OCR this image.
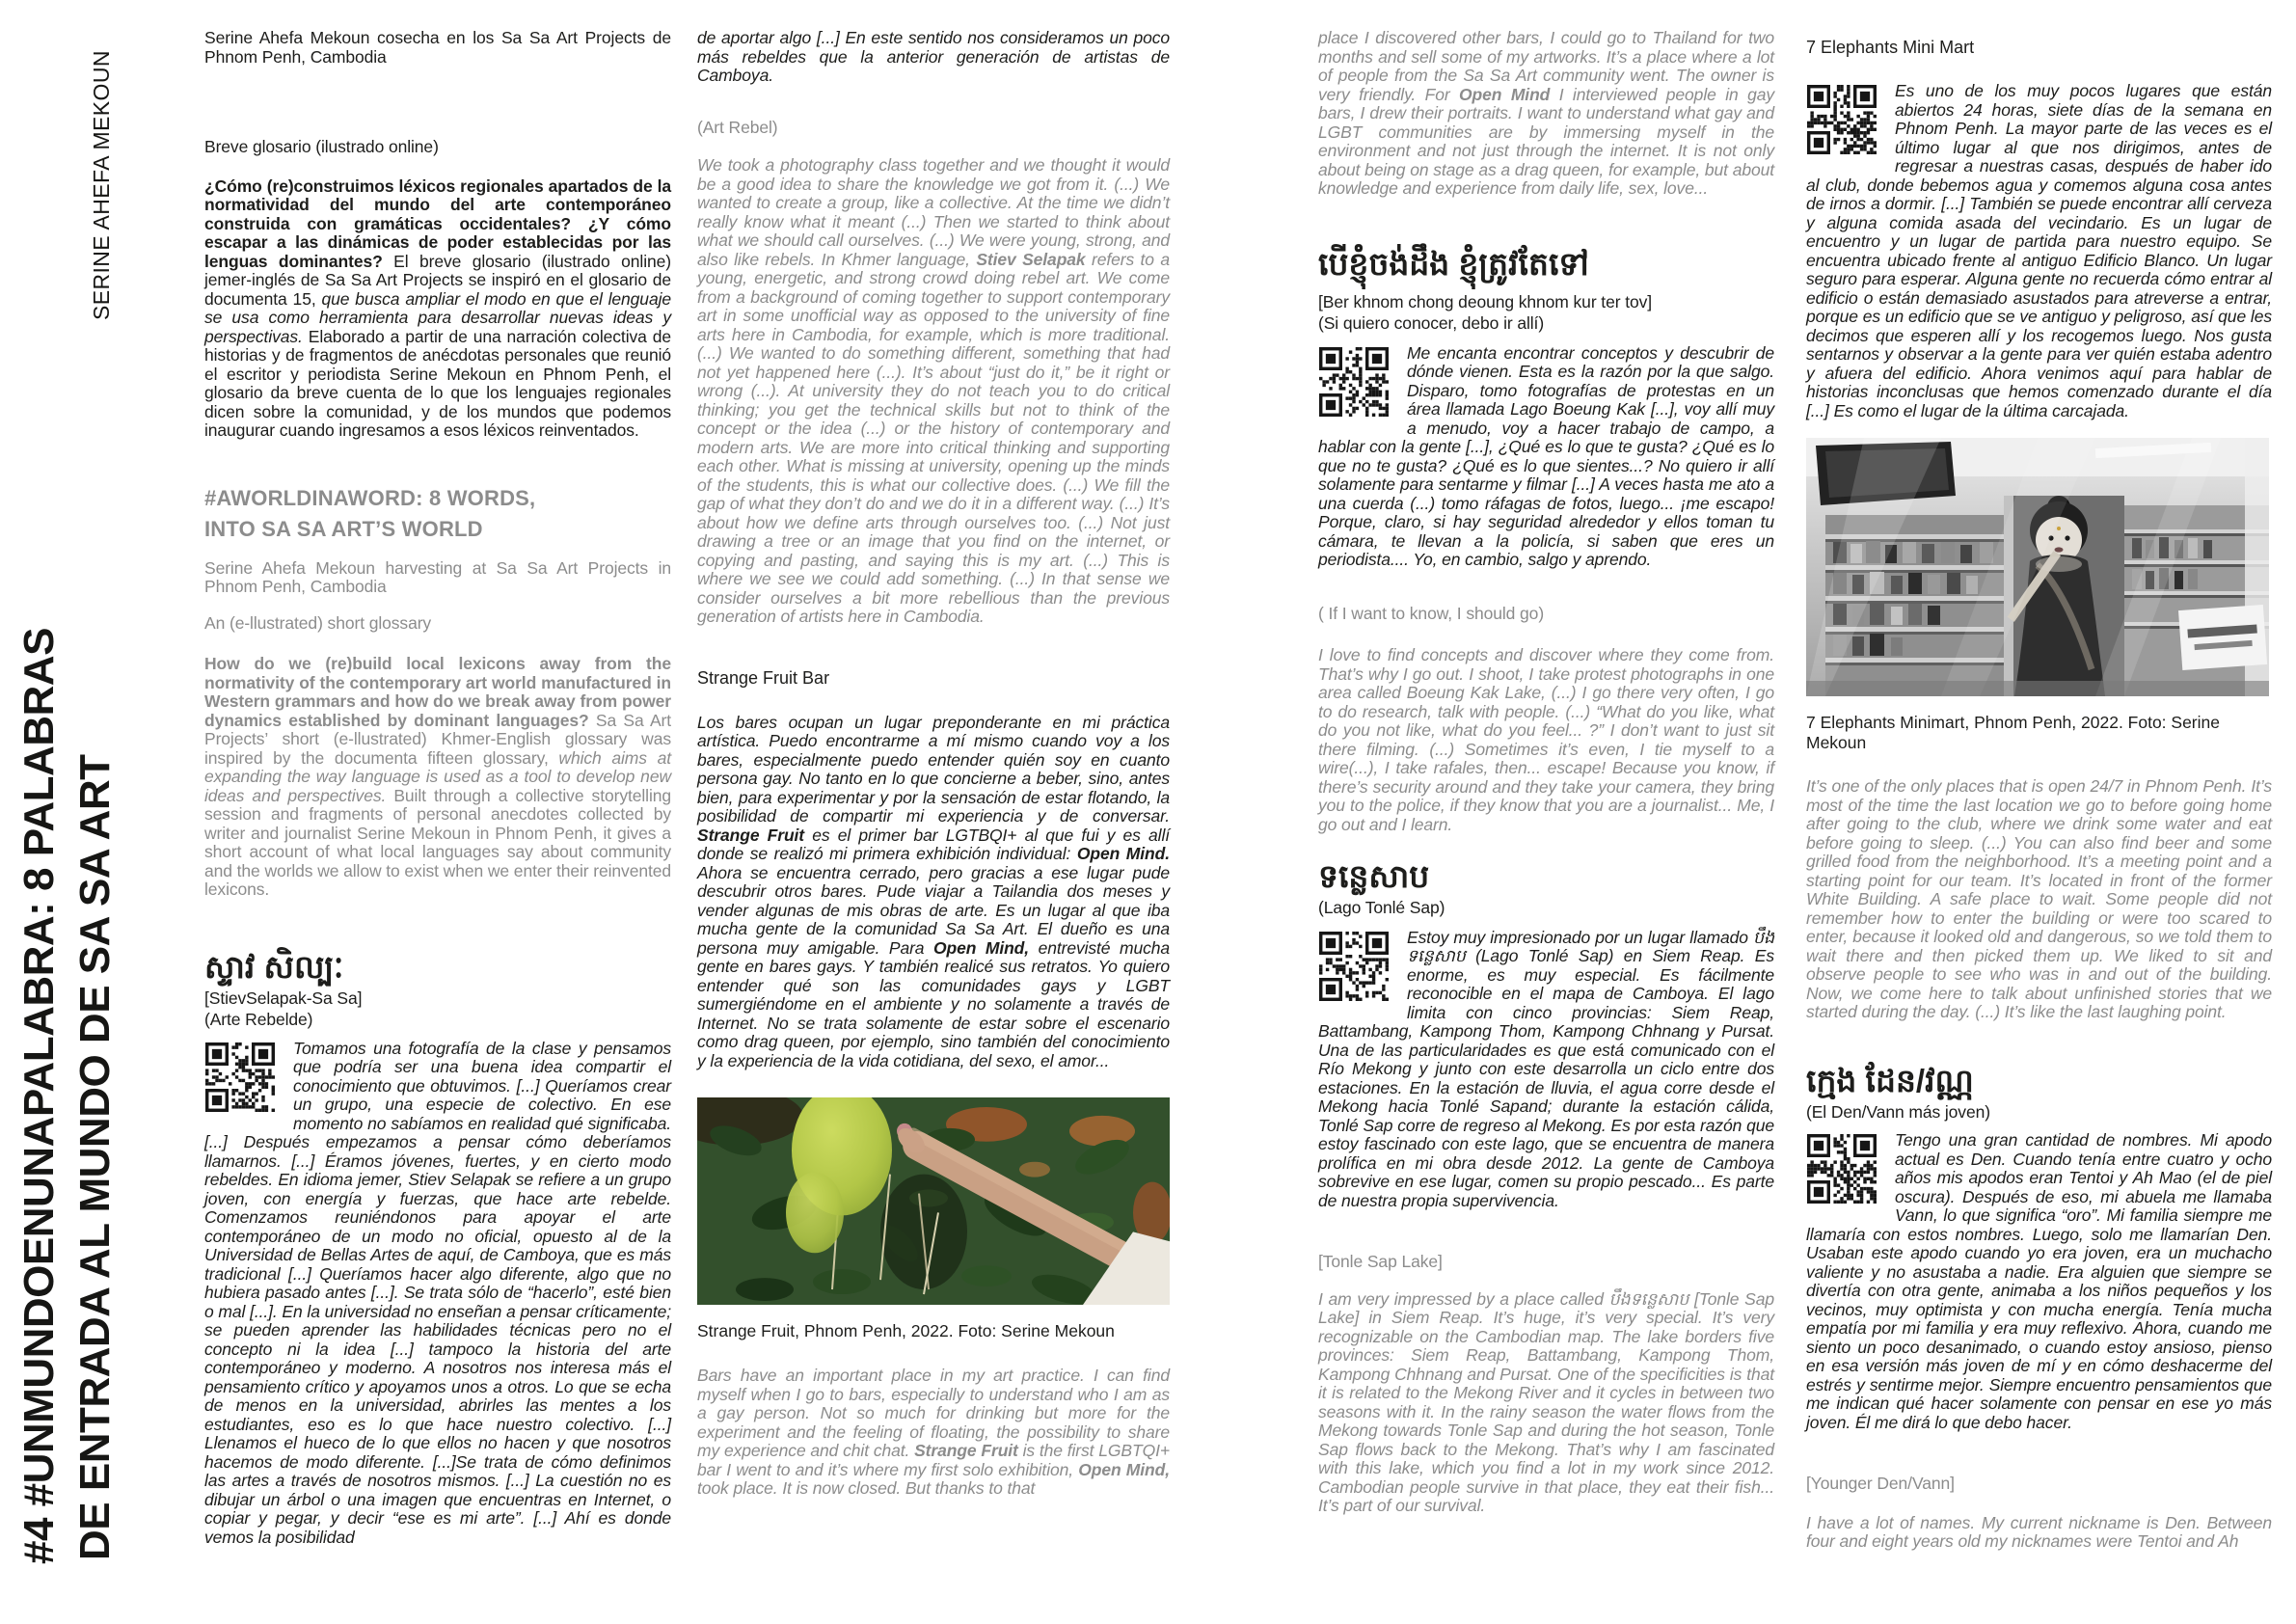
SERINE AHEFA MEKOUN
#4 #UNMUNDOENUNAPALABRA: 8 PALABRAS DE ENTRADA AL MUNDO DE SA SA ART

Serine Ahefa Mekoun cosecha en los Sa Sa Art Projects de Phnom Penh, Cambodia

Breve glosario (ilustrado online)

¿Cómo (re)construimos léxicos regionales apartados de la normatividad del mundo del arte contemporáneo construida con gramáticas occidentales? ¿Y cómo escapar a las dinámicas de poder establecidas por las lenguas dominantes? El breve glosario (ilustrado online) jemer-inglés de Sa Sa Art Projects se inspiró en el glosario de documenta 15, que busca ampliar el modo en que el lenguaje se usa como herramienta para desarrollar nuevas ideas y perspectivas. Elaborado a partir de una narración colectiva de historias y de fragmentos de anécdotas personales que reunió el escritor y periodista Serine Mekoun en Phnom Penh, el glosario da breve cuenta de lo que los lenguajes regionales dicen sobre la comunidad, y de los mundos que podemos inaugurar cuando ingresamos a esos léxicos reinventados.

#AWORLDINAWORD: 8 WORDS,
INTO SA SA ART’S WORLD

Serine Ahefa Mekoun harvesting at Sa Sa Art Projects in Phnom Penh, Cambodia

An (e-llustrated) short glossary

How do we (re)build local lexicons away from the normativity of the contemporary art world manufactured in Western grammars and how do we break away from power dynamics established by dominant languages? Sa Sa Art Projects’ short (e-llustrated) Khmer-English glossary was inspired by the documenta fifteen glossary, which aims at expanding the way language is used as a tool to develop new ideas and perspectives. Built through a collective storytelling session and fragments of personal anecdotes collected by writer and journalist Serine Mekoun in Phnom Penh, it gives a short account of what local languages say about community and the worlds we allow to exist when we enter their reinvented lexicons.

ស្ទាវ សិល្បៈ

[StievSelapak-Sa Sa]

(Arte Rebelde)

Tomamos una fotografía de la clase y pensamos que podría ser una buena idea compartir el conocimiento que obtuvimos. [...] Queríamos crear un grupo, una especie de colectivo. En ese momento no sabíamos en realidad qué significaba. [...] Después empezamos a pensar cómo deberíamos llamarnos. [...] Éramos jóvenes, fuertes, y en cierto modo rebeldes. En idioma jemer, Stiev Selapak se refiere a un grupo joven, con energía y fuerzas, que hace arte rebelde. Comenzamos reuniéndonos para apoyar el arte contemporáneo de un modo no oficial, opuesto al de la Universidad de Bellas Artes de aquí, de Camboya, que es más tradicional [...] Queríamos hacer algo diferente, algo que no hubiera pasado antes [...]. Se trata sólo de “hacerlo”, esté bien o mal [...]. En la universidad no enseñan a pensar críticamente; se pueden aprender las habilidades técnicas pero no el concepto ni la idea [...] tampoco la historia del arte contemporáneo y moderno. A nosotros nos interesa más el pensamiento crítico y apoyamos unos a otros. Lo que se echa de menos en la universidad, abrirles las mentes a los estudiantes, eso es lo que hace nuestro colectivo. [...] Llenamos el hueco de lo que ellos no hacen y que nosotros hacemos de modo diferente. [...]Se trata de cómo definimos las artes a través de nosotros mismos. [...] La cuestión no es dibujar un árbol o una imagen que encuentras en Internet, o copiar y pegar, y decir “ese es mi arte”. [...] Ahí es donde vemos la posibilidad

de aportar algo [...] En este sentido nos consideramos un poco más rebeldes que la anterior generación de artistas de Camboya.

(Art Rebel)

We took a photography class together and we thought it would be a good idea to share the knowledge we got from it. (...) We wanted to create a group, like a collective. At the time we didn’t really know what it meant (...) Then we started to think about what we should call ourselves. (...) We were young, strong, and also like rebels. In Khmer language, Stiev Selapak refers to a young, energetic, and strong crowd doing rebel art. We come from a background of coming together to support contemporary art in some unofficial way as opposed to the university of fine arts here in Cambodia, for example, which is more traditional. (...) We wanted to do something different, something that had not yet happened here (...). It’s about “just do it,” be it right or wrong (...). At university they do not teach you to do critical thinking; you get the technical skills but not to think of the concept or the idea (...) or the history of contemporary and modern arts. We are more into critical thinking and supporting each other. What is missing at university, opening up the minds of the students, this is what our collective does. (...) We fill the gap of what they don’t do and we do it in a different way. (...) It’s about how we define arts through ourselves too. (...) Not just drawing a tree or an image that you find on the internet, or copying and pasting, and saying this is my art. (...) This is where we see we could add something. (...) In that sense we consider ourselves a bit more rebellious than the previous generation of artists here in Cambodia.

Strange Fruit Bar

Los bares ocupan un lugar preponderante en mi práctica artística. Puedo encontrarme a mí mismo cuando voy a los bares, especialmente puedo entender quién soy en cuanto persona gay. No tanto en lo que concierne a beber, sino, antes bien, para experimentar y por la sensación de estar flotando, la posibilidad de compartir mi experiencia y de conversar. Strange Fruit es el primer bar LGTBQI+ al que fui y es allí donde se realizó mi primera exhibición individual: Open Mind. Ahora se encuentra cerrado, pero gracias a ese lugar pude descubrir otros bares. Pude viajar a Tailandia dos meses y vender algunas de mis obras de arte. Es un lugar al que iba mucha gente de la comunidad Sa Sa Art. El dueño es una persona muy amigable. Para Open Mind, entrevisté mucha gente en bares gays. Y también realicé sus retratos. Yo quiero entender qué son las comunidades gays y LGBT sumergiéndome en el ambiente y no solamente a través de Internet. No se trata solamente de estar sobre el escenario como drag queen, por ejemplo, sino también del conocimiento y la experiencia de la vida cotidiana, del sexo, el amor...

Strange Fruit, Phnom Penh, 2022. Foto: Serine Mekoun

Bars have an important place in my art practice. I can find myself when I go to bars, especially to understand who I am as a gay person. Not so much for drinking but more for the experiment and the feeling of floating, the possibility to share my experience and chit chat. Strange Fruit is the first LGBTQI+ bar I went to and it’s where my first solo exhibition, Open Mind, took place. It is now closed. But thanks to that

place I discovered other bars, I could go to Thailand for two months and sell some of my artworks. It’s a place where a lot of people from the Sa Sa Art community went. The owner is very friendly. For Open Mind I interviewed people in gay bars, I drew their portraits. I want to understand what gay and LGBT communities are by immersing myself in the environment and not just through the internet. It is not only about being on stage as a drag queen, for example, but about knowledge and experience from daily life, sex, love...

បើខ្ញុំចង់ដឹង ខ្ញុំត្រូវតែទៅ

[Ber khnom chong deoung khnom kur ter tov]

(Si quiero conocer, debo ir allí)

Me encanta encontrar conceptos y descubrir de dónde vienen. Esta es la razón por la que salgo. Disparo, tomo fotografías de protestas en un área llamada Lago Boeung Kak [...], voy allí muy a menudo, voy a hacer trabajo de campo, a hablar con la gente [...], ¿Qué es lo que te gusta? ¿Qué es lo que no te gusta? ¿Qué es lo que sientes...? No quiero ir allí solamente para sentarme y filmar [...] A veces hasta me ato a una cuerda (...) tomo ráfagas de fotos, luego... ¡me escapo! Porque, claro, si hay seguridad alrededor y ellos toman tu cámara, te llevan a la policía, si saben que eres un periodista.... Yo, en cambio, salgo y aprendo.

( If I want to know, I should go)

I love to find concepts and discover where they come from. That’s why I go out. I shoot, I take protest photographs in one area called Boeung Kak Lake, (...) I go there very often, I go to do research, talk with people. (...) “What do you like, what do you not like, what do you feel... ?” I don’t want to just sit there filming. (...) Sometimes it’s even, I tie myself to a wire(...), I take rafales, then... escape! Because you know, if there’s security around and they take your camera, they bring you to the police, if they know that you are a journalist... Me, I go out and I learn.

ទន្លេសាប

(Lago Tonlé Sap)

Estoy muy impresionado por un lugar llamado បឹងទន្លេសាប (Lago Tonlé Sap) en Siem Reap. Es enorme, es muy especial. Es fácilmente reconocible en el mapa de Camboya. El lago limita con cinco provincias: Siem Reap, Battambang, Kampong Thom, Kampong Chhnang y Pursat. Una de las particularidades es que está comunicado con el Río Mekong y junto con este desarrolla un ciclo entre dos estaciones. En la estación de lluvia, el agua corre desde el Mekong hacia Tonlé Sapand; durante la estación cálida, Tonlé Sap corre de regreso al Mekong. Es por esta razón que estoy fascinado con este lago, que se encuentra de manera prolífica en mi obra desde 2012. La gente de Camboya sobrevive en ese lugar, comen su propio pescado... Es parte de nuestra propia supervivencia.

[Tonle Sap Lake]

I am very impressed by a place called បឹងទន្លេសាប [Tonle Sap Lake] in Siem Reap. It’s huge, it’s very special. It’s very recognizable on the Cambodian map. The lake borders five provinces: Siem Reap, Battambang, Kampong Thom, Kampong Chhnang and Pursat. One of the specificities is that it is related to the Mekong River and it cycles in between two seasons with it. In the rainy season the water flows from the Mekong towards Tonle Sap and during the hot season, Tonle Sap flows back to the Mekong. That’s why I am fascinated with this lake, which you find a lot in my work since 2012. Cambodian people survive in that place, they eat their fish... It’s part of our survival.

7 Elephants Mini Mart
Es uno de los muy pocos lugares que están abiertos 24 horas, siete días de la semana en Phnom Penh. La mayor parte de las veces es el último lugar al que nos dirigimos, antes de regresar a nuestras casas, después de haber ido al club, donde bebemos agua y comemos alguna cosa antes de irnos a dormir. [...] También se puede encontrar allí cerveza y alguna comida asada del vecindario. Es un lugar de encuentro y un lugar de partida para nuestro equipo. Se encuentra ubicado frente al antiguo Edificio Blanco. Un lugar seguro para esperar. Alguna gente no recuerda cómo entrar al edificio o están demasiado asustados para atreverse a entrar, porque es un edificio que se ve antiguo y peligroso, así que les decimos que esperen allí y los recogemos luego. Nos gusta sentarnos y observar a la gente para ver quién estaba adentro y afuera del edificio. Ahora venimos aquí para hablar de historias inconclusas que hemos comenzado durante el día [...] Es como el lugar de la última carcajada.
7 Elephants Minimart, Phnom Penh, 2022. Foto: Serine Mekoun

It’s one of the only places that is open 24/7 in Phnom Penh. It’s most of the time the last location we go to before going home after going to the club, where we drink some water and eat before going to sleep. (...) You can also find beer and some grilled food from the neighborhood. It’s a meeting point and a starting point for our team. It’s located in front of the former White Building. A safe place to wait. Some people did not remember how to enter the building or were too scared to enter, because it looked old and dangerous, so we told them to wait there and then picked them up. We liked to sit and observe people to see who was in and out of the building. Now, we come here to talk about unfinished stories that we started during the day. (...) It’s like the last laughing point.

ក្មេង ដែន/វណ្ណ

(El Den/Vann más joven)

Tengo una gran cantidad de nombres. Mi apodo actual es Den. Cuando tenía entre cuatro y ocho años mis apodos eran Tentoi y Ah Mao (el de piel oscura). Después de eso, mi abuela me llamaba Vann, lo que significa “oro”. Mi familia siempre me llamaría con estos nombres. Luego, solo me llamarían Den. Usaban este apodo cuando yo era joven, era un muchacho valiente y no asustaba a nadie. Era alguien que siempre se divertía con otra gente, animaba a los niños pequeños y los vecinos, muy optimista y con mucha energía. Tenía mucha empatía por mi familia y era muy reflexivo. Ahora, cuando me siento un poco desanimado, o cuando estoy ansioso, pienso en esa versión más joven de mí y en cómo deshacerme del estrés y sentirme mejor. Siempre encuentro pensamientos que me indican qué hacer solamente con pensar en ese yo más joven. Él me dirá lo que debo hacer.

[Younger Den/Vann]

I have a lot of names. My current nickname is Den. Between four and eight years old my nicknames were Tentoi and Ah
